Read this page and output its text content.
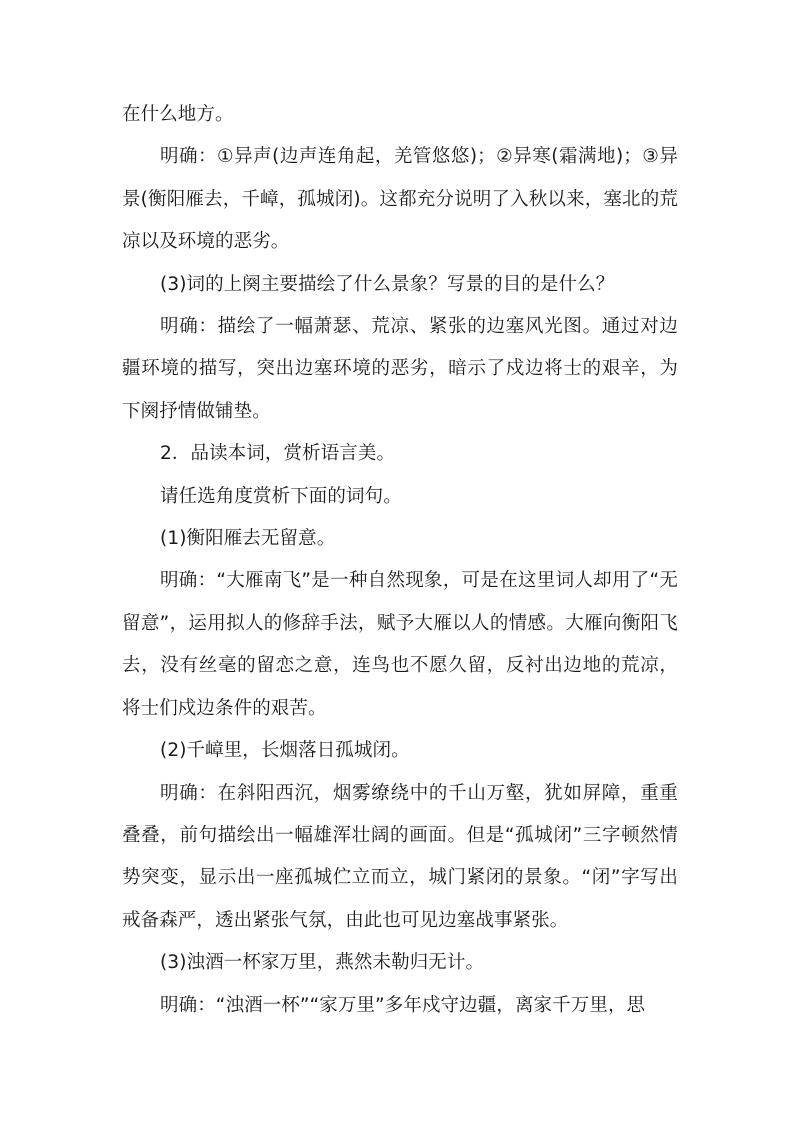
在什么地方。

明确：①异声(边声连角起，羌管悠悠)；②异寒(霜满地)；③异景(衡阳雁去，千嶂，孤城闭)。这都充分说明了入秋以来，塞北的荒凉以及环境的恶劣。

(3)词的上阕主要描绘了什么景象？写景的目的是什么？

明确：描绘了一幅萧瑟、荒凉、紧张的边塞风光图。通过对边疆环境的描写，突出边塞环境的恶劣，暗示了戍边将士的艰辛，为下阕抒情做铺垫。

2．品读本词，赏析语言美。

请任选角度赏析下面的词句。

(1)衡阳雁去无留意。

明确：“大雁南飞”是一种自然现象，可是在这里词人却用了“无留意”，运用拟人的修辞手法，赋予大雁以人的情感。大雁向衡阳飞去，没有丝毫的留恋之意，连鸟也不愿久留，反衬出边地的荒凉，将士们戍边条件的艰苦。

(2)千嶂里，长烟落日孤城闭。

明确：在斜阳西沉，烟雾缭绕中的千山万壑，犹如屏障，重重叠叠，前句描绘出一幅雄浑壮阔的画面。但是“孤城闭”三字顿然情势突变，显示出一座孤城伫立而立，城门紧闭的景象。“闭”字写出戒备森严，透出紧张气氛，由此也可见边塞战事紧张。

(3)浊酒一杯家万里，燕然未勒归无计。

明确：“浊酒一杯”“家万里”多年戍守边疆，离家千万里，思
